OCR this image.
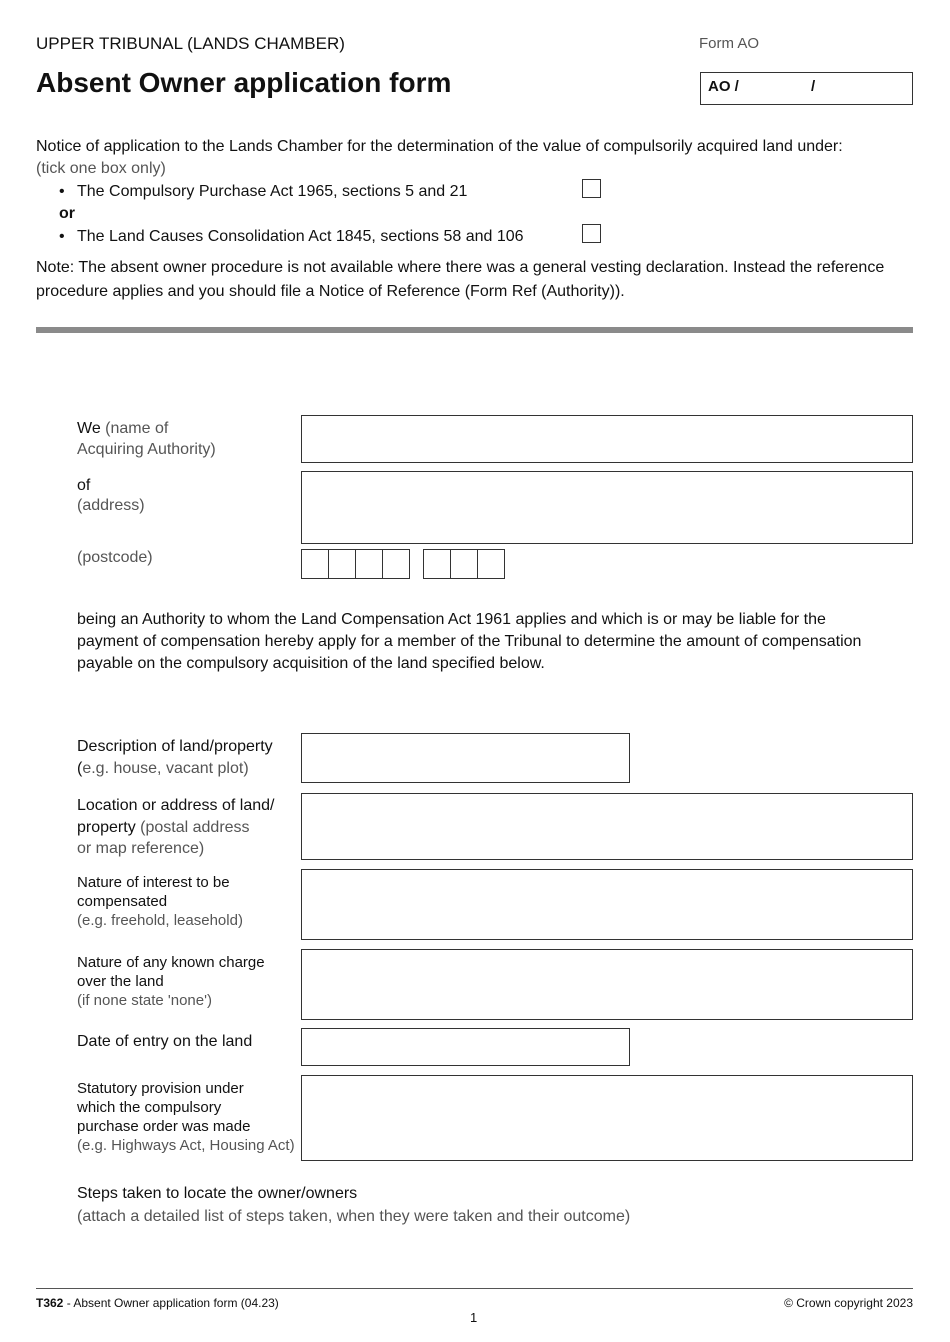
UPPER TRIBUNAL (LANDS CHAMBER)
Absent Owner application form
Form AO
AO /	/
Notice of application to the Lands Chamber for the determination of the value of compulsorily acquired land under:
(tick one box only)
• The Compulsory Purchase Act 1965, sections 5 and 21
or
• The Land Causes Consolidation Act 1845, sections 58 and 106
Note: The absent owner procedure is not available where there was a general vesting declaration. Instead the reference
procedure applies and you should file a Notice of Reference (Form Ref (Authority)).
We (name of
Acquiring Authority)
of
(address)
(postcode)
being an Authority to whom the Land Compensation Act 1961 applies and which is or may be liable for the
payment of compensation hereby apply for a member of the Tribunal to determine the amount of compensation
payable on the compulsory acquisition of the land specified below.
Description of land/property
(e.g. house, vacant plot)
Location or address of land/
property (postal address
or map reference)
Nature of interest to be
compensated
(e.g. freehold, leasehold)
Nature of any known charge
over the land
(if none state 'none')
Date of entry on the land
Statutory provision under
which the compulsory
purchase order was made
(e.g. Highways Act, Housing Act)
Steps taken to locate the owner/owners
(attach a detailed list of steps taken, when they were taken and their outcome)
T362 - Absent Owner application form (04.23)	© Crown copyright 2023
1
